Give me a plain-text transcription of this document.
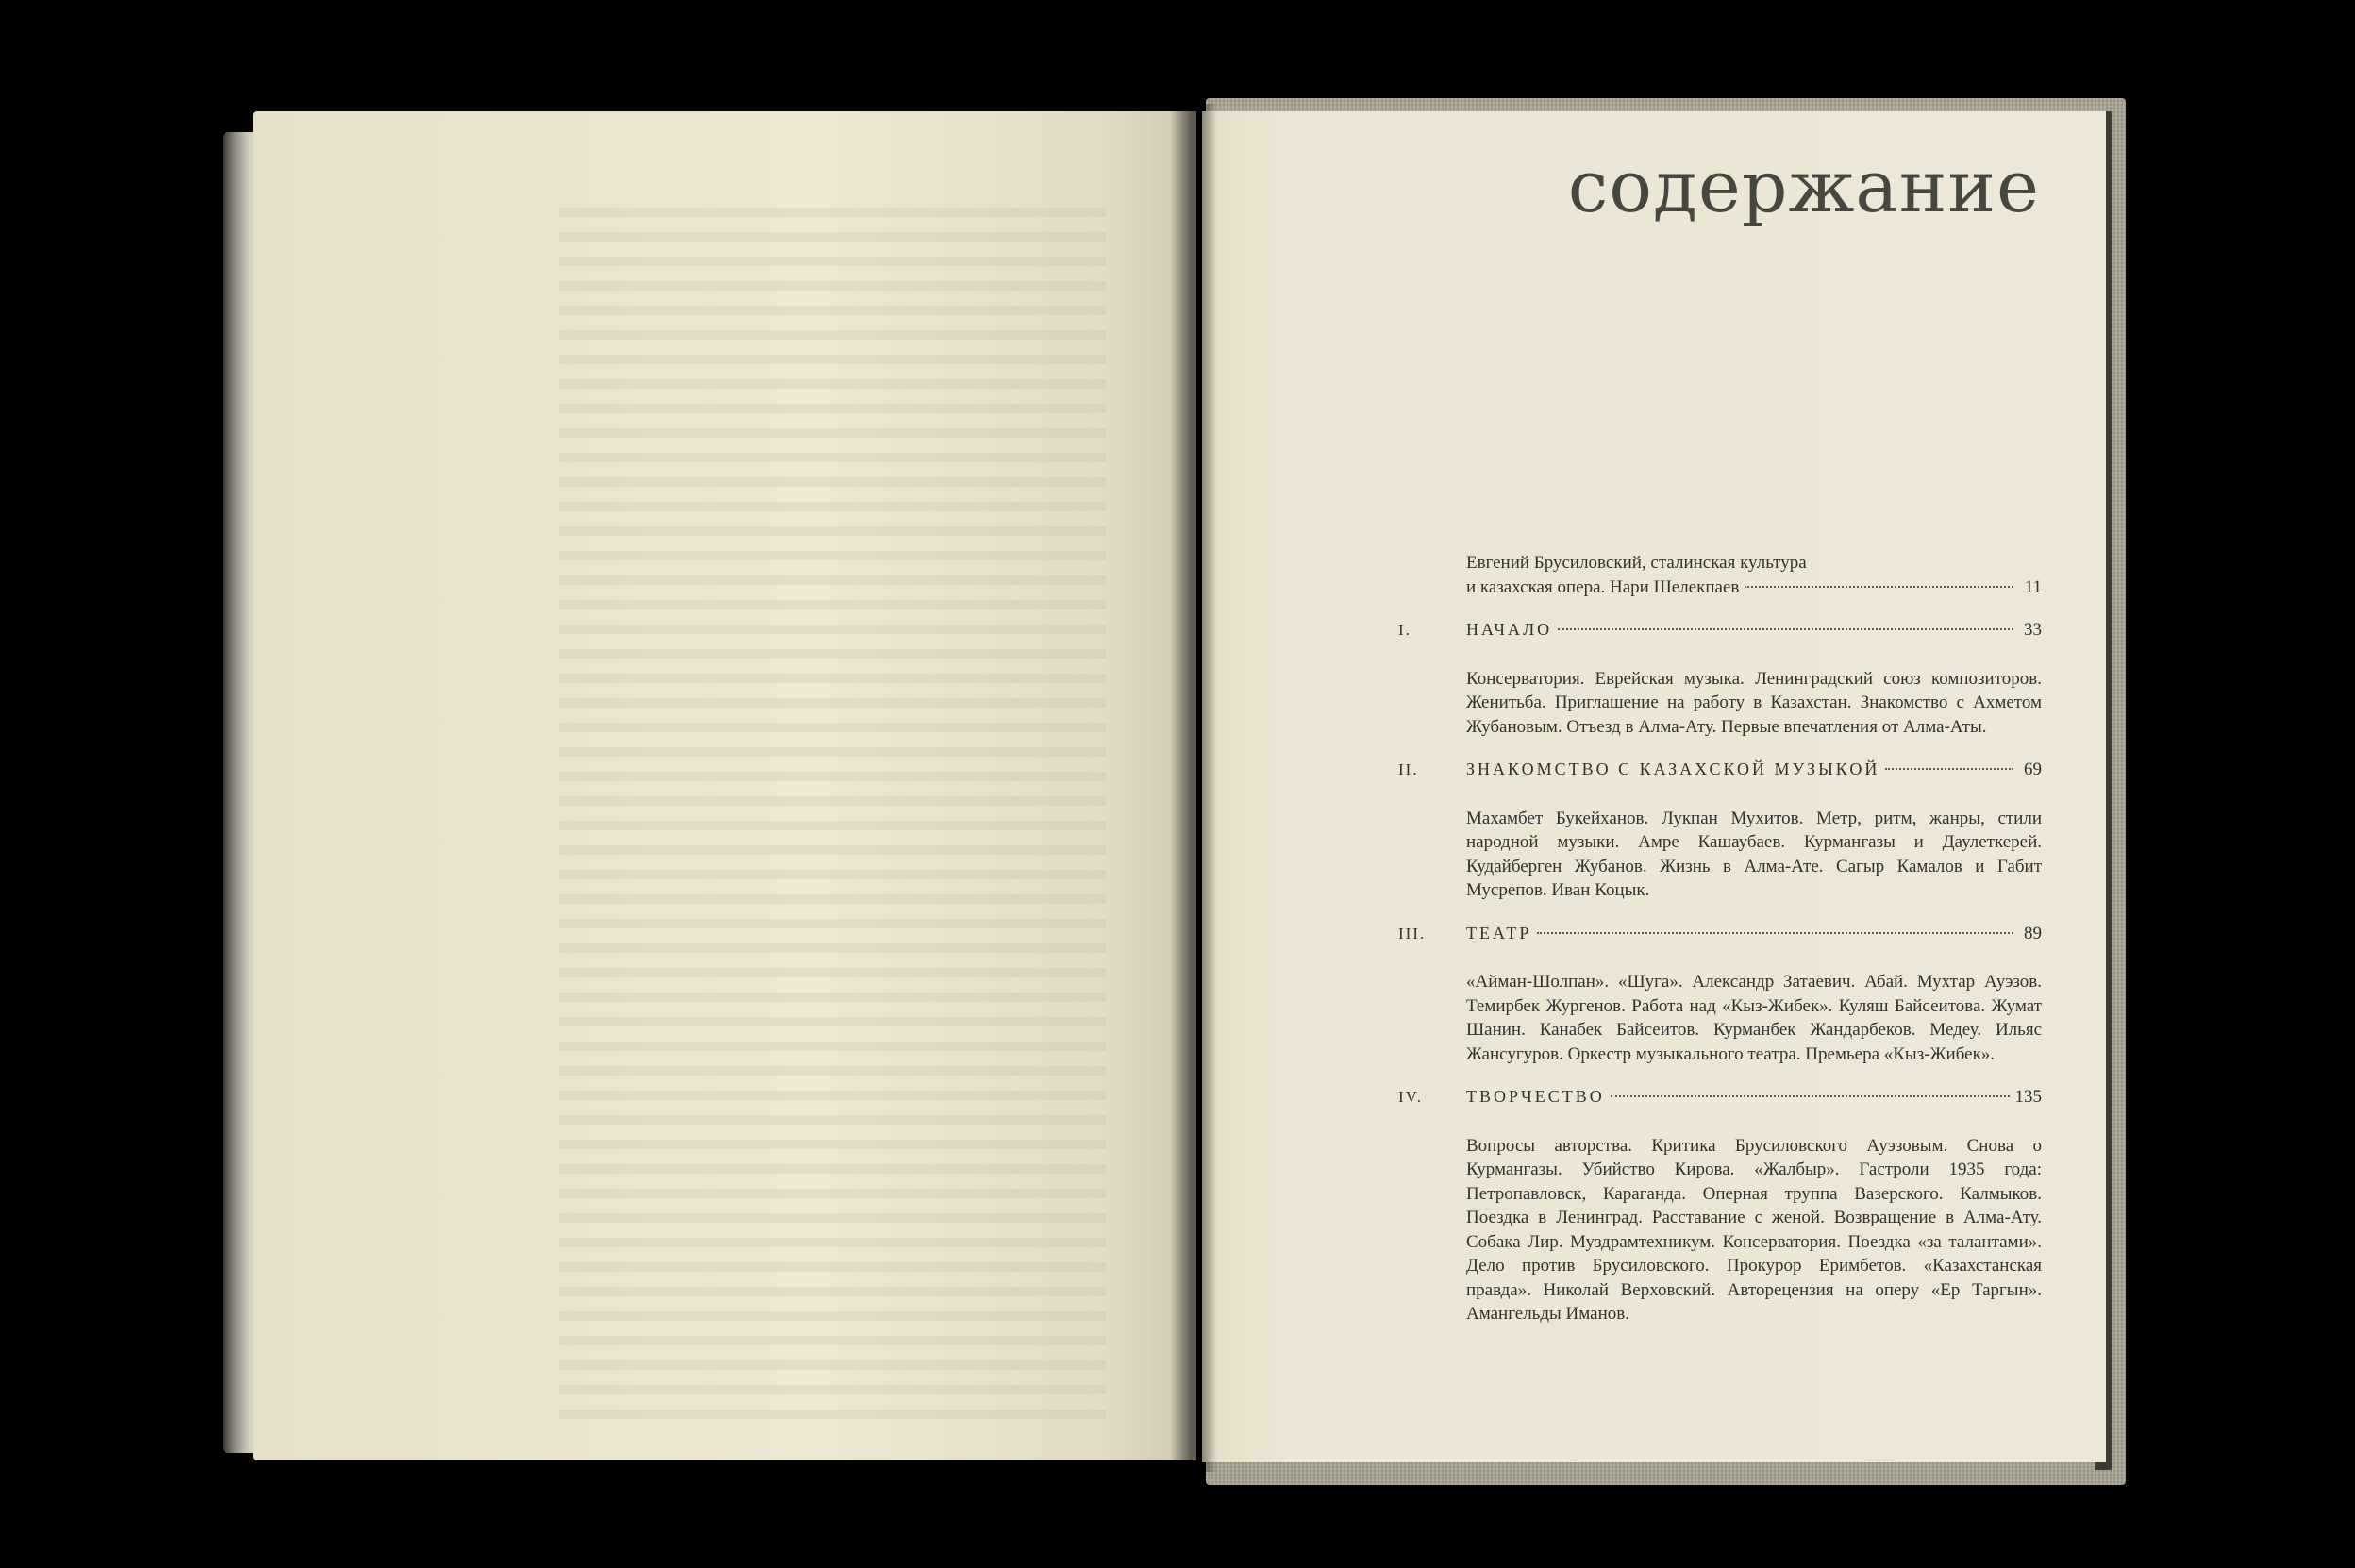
содержание
Евгений Брусиловский, сталинская культура
и казахская опера. Нари Шелекпаев	11
I.	НАЧАЛО	33
Консерватория. Еврейская музыка. Ленинградский союз композиторов. Женитьба. Приглашение на работу в Казахстан. Знакомство с Ахметом Жубановым. Отъезд в Алма-Ату. Первые впечатления от Алма-Аты.
II.	ЗНАКОМСТВО С КАЗАХСКОЙ МУЗЫКОЙ	69
Махамбет Букейханов. Лукпан Мухитов. Метр, ритм, жанры, стили народной музыки. Амре Кашаубаев. Курмангазы и Даулеткерей. Кудайберген Жубанов. Жизнь в Алма-Ате. Сагыр Камалов и Габит Мусрепов. Иван Коцык.
III. ТЕАТР	89
«Айман-Шолпан». «Шуга». Александр Затаевич. Абай. Мухтар Ауэзов. Темирбек Жургенов. Работа над «Кыз-Жибек». Куляш Байсеитова. Жумат Шанин. Канабек Байсеитов. Курманбек Жандарбеков. Медеу. Ильяс Жансугуров. Оркестр музыкального театра. Премьера «Кыз-Жибек».
IV.	ТВОРЧЕСТВО	135
Вопросы авторства. Критика Брусиловского Ауэзовым. Снова о Курмангазы. Убийство Кирова. «Жалбыр». Гастроли 1935 года: Петропавловск, Караганда. Оперная труппа Вазерского. Калмыков. Поездка в Ленинград. Расставание с женой. Возвращение в Алма-Ату. Собака Лир. Муздрамтехникум. Консерватория. Поездка «за талантами». Дело против Брусиловского. Прокурор Еримбетов. «Казахстанская правда». Николай Верховский. Авторецензия на оперу «Ер Таргын». Амангельды Иманов.
